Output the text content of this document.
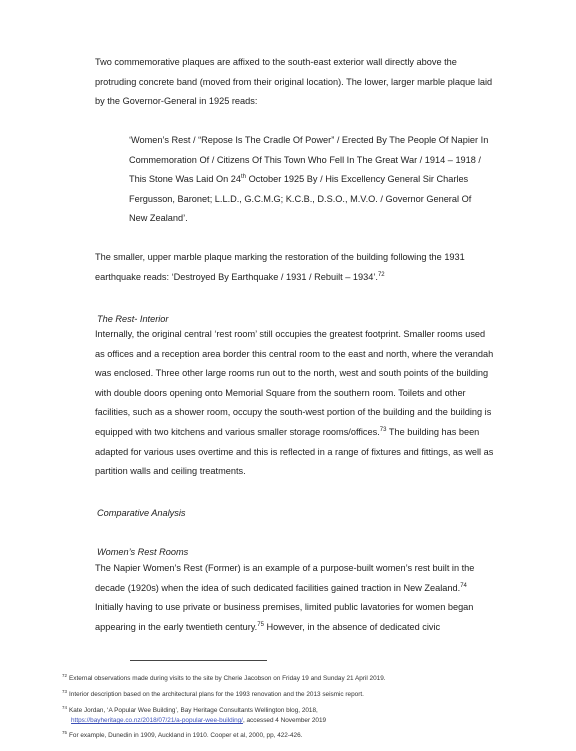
Two commemorative plaques are affixed to the south-east exterior wall directly above the protruding concrete band (moved from their original location). The lower, larger marble plaque laid by the Governor-General in 1925 reads:

‘Women’s Rest / “Repose Is The Cradle Of Power” / Erected By The People Of Napier In Commemoration Of / Citizens Of This Town Who Fell In The Great War / 1914 – 1918 / This Stone Was Laid On 24th October 1925 By / His Excellency General Sir Charles Fergusson, Baronet; L.L.D., G.C.M.G; K.C.B., D.S.O., M.V.O. / Governor General Of New Zealand’.

The smaller, upper marble plaque marking the restoration of the building following the 1931 earthquake reads: ‘Destroyed By Earthquake / 1931 / Rebuilt – 1934’.$^{72}$

The Rest- Interior

Internally, the original central ‘rest room’ still occupies the greatest footprint. Smaller rooms used as offices and a reception area border this central room to the east and north, where the verandah was enclosed. Three other large rooms run out to the north, west and south points of the building with double doors opening onto Memorial Square from the southern room. Toilets and other facilities, such as a shower room, occupy the south-west portion of the building and the building is equipped with two kitchens and various smaller storage rooms/offices.$^{73}$ The building has been adapted for various uses overtime and this is reflected in a range of fixtures and fittings, as well as partition walls and ceiling treatments.

Comparative Analysis

Women’s Rest Rooms

The Napier Women’s Rest (Former) is an example of a purpose-built women’s rest built in the decade (1920s) when the idea of such dedicated facilities gained traction in New Zealand.$^{74}$ Initially having to use private or business premises, limited public lavatories for women began appearing in the early twentieth century.$^{75}$ However, in the absence of dedicated civic

$^{72}$ External observations made during visits to the site by Cherie Jacobson on Friday 19 and Sunday 21 April 2019.

$^{73}$ Interior description based on the architectural plans for the 1993 renovation and the 2013 seismic report.

$^{74}$ Kate Jordan, ‘A Popular Wee Building’, Bay Heritage Consultants Wellington blog, 2018,
https://bayheritage.co.nz/2018/07/21/a-popular-wee-building/, accessed 4 November 2019

$^{75}$ For example, Dunedin in 1909, Auckland in 1910. Cooper et al, 2000, pp, 422-426.
